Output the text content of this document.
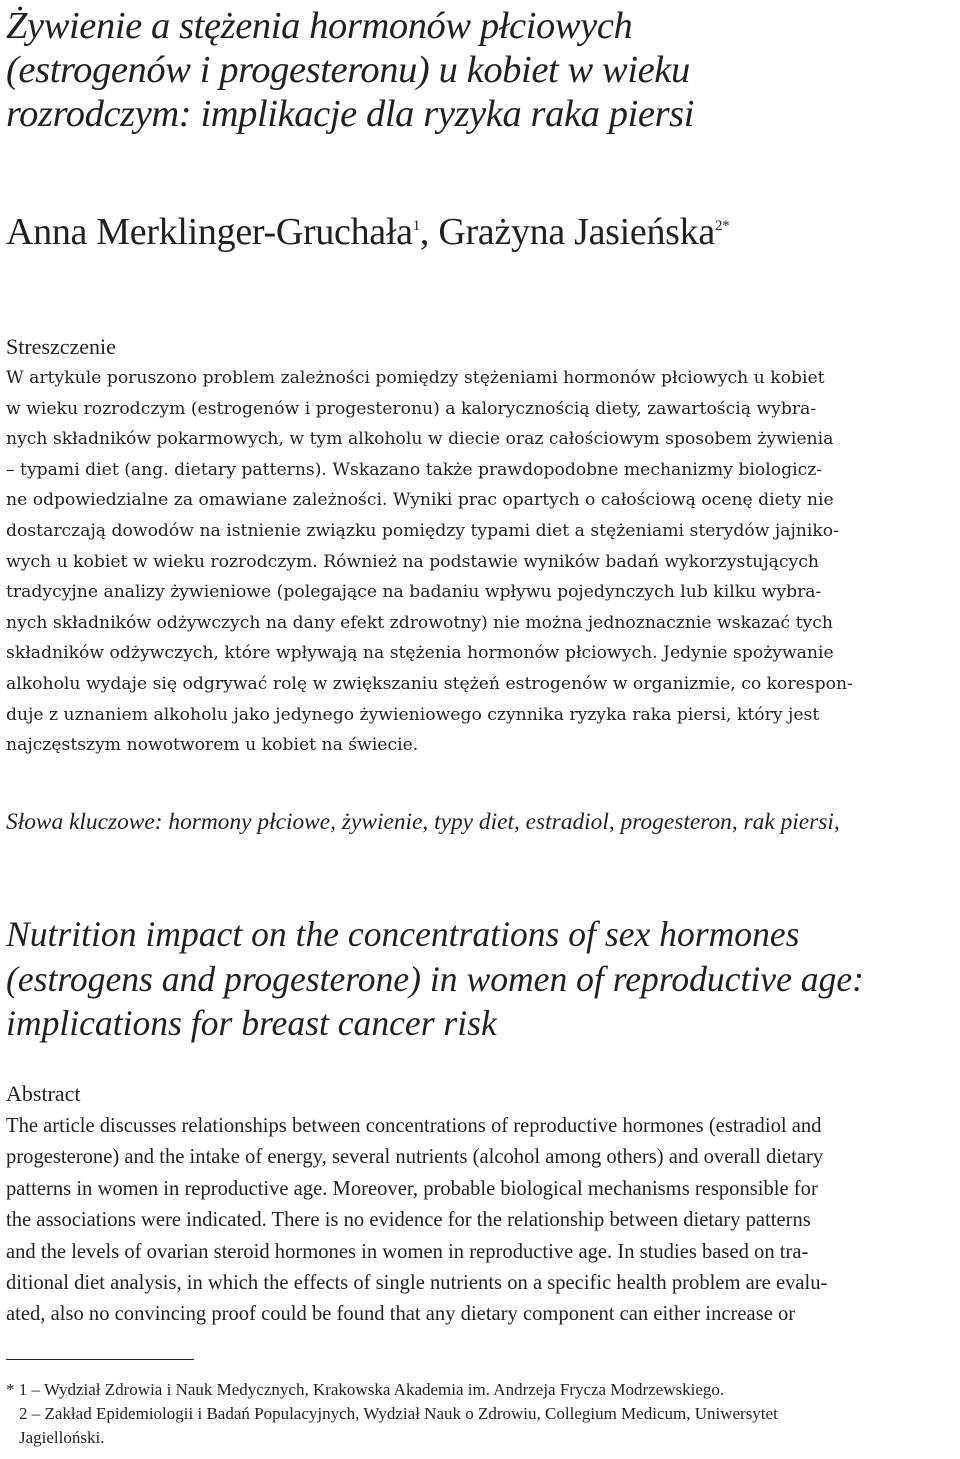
Żywienie a stężenia hormonów płciowych
(estrogenów i progesteronu) u kobiet w wieku
rozrodczym: implikacje dla ryzyka raka piersi
Anna Merklinger-Gruchała$^1$, Grażyna Jasieńska$^{2*}$
Streszczenie
W artykule poruszono problem zależności pomiędzy stężeniami hormonów płciowych u kobiet
w wieku rozrodczym (estrogenów i progesteronu) a kalorycznością diety, zawartością wybra-
nych składników pokarmowych, w tym alkoholu w diecie oraz całościowym sposobem żywienia
– typami diet (ang. dietary patterns). Wskazano także prawdopodobne mechanizmy biologicz-
ne odpowiedzialne za omawiane zależności. Wyniki prac opartych o całościową ocenę diety nie
dostarczają dowodów na istnienie związku pomiędzy typami diet a stężeniami sterydów jajniko-
wych u kobiet w wieku rozrodczym. Również na podstawie wyników badań wykorzystujących
tradycyjne analizy żywieniowe (polegające na badaniu wpływu pojedynczych lub kilku wybra-
nych składników odżywczych na dany efekt zdrowotny) nie można jednoznacznie wskazać tych
składników odżywczych, które wpływają na stężenia hormonów płciowych. Jedynie spożywanie
alkoholu wydaje się odgrywać rolę w zwiększaniu stężeń estrogenów w organizmie, co korespon-
duje z uznaniem alkoholu jako jedynego żywieniowego czynnika ryzyka raka piersi, który jest
najczęstszym nowotworem u kobiet na świecie.
Słowa kluczowe: hormony płciowe, żywienie, typy diet, estradiol, progesteron, rak piersi,
Nutrition impact on the concentrations of sex hormones
(estrogens and progesterone) in women of reproductive age:
implications for breast cancer risk
Abstract
The article discusses relationships between concentrations of reproductive hormones (estradiol and
progesterone) and the intake of energy, several nutrients (alcohol among others) and overall dietary
patterns in women in reproductive age. Moreover, probable biological mechanisms responsible for
the associations were indicated. There is no evidence for the relationship between dietary patterns
and the levels of ovarian steroid hormones in women in reproductive age. In studies based on tra-
ditional diet analysis, in which the effects of single nutrients on a specific health problem are evalu-
ated, also no convincing proof could be found that any dietary component can either increase or
* 1 – Wydział Zdrowia i Nauk Medycznych, Krakowska Akademia im. Andrzeja Frycza Modrzewskiego.
2 – Zakład Epidemiologii i Badań Populacyjnych, Wydział Nauk o Zdrowiu, Collegium Medicum, Uniwersytet
Jagielloński.
